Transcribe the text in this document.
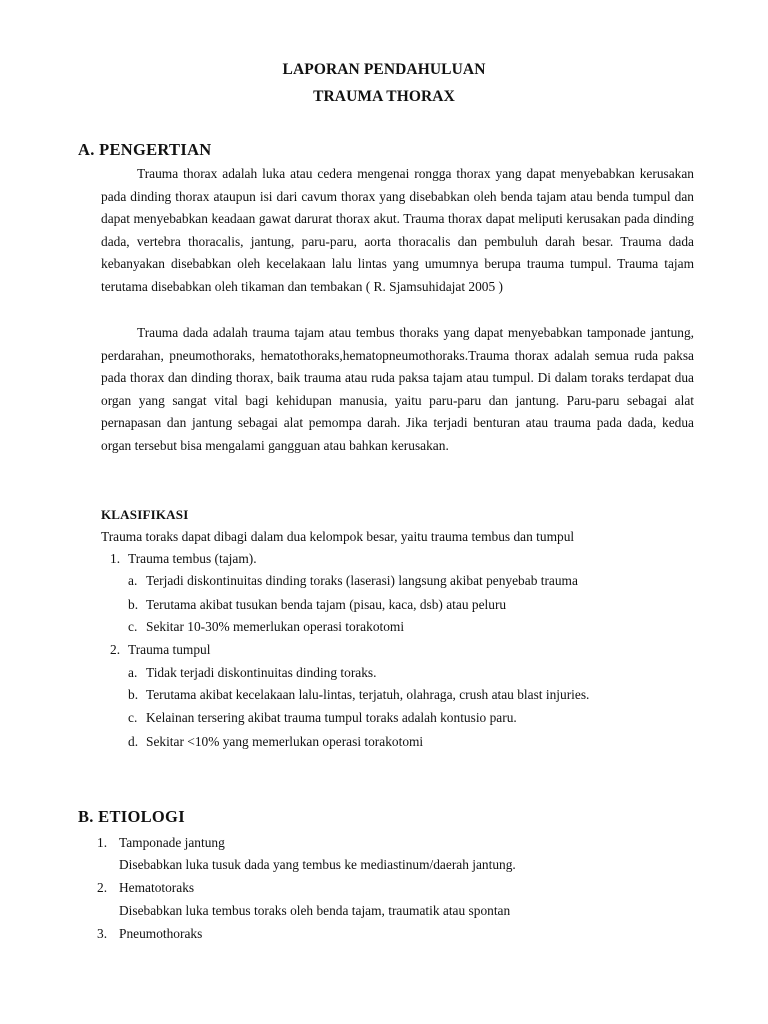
LAPORAN PENDAHULUAN
TRAUMA THORAX
A. PENGERTIAN

Trauma thorax adalah luka atau cedera mengenai rongga thorax yang dapat menyebabkan kerusakan pada dinding thorax ataupun isi dari cavum thorax yang disebabkan oleh benda tajam atau benda tumpul dan dapat menyebabkan keadaan gawat darurat thorax akut. Trauma thorax dapat meliputi kerusakan pada dinding dada, vertebra thoracalis, jantung, paru-paru, aorta thoracalis dan pembuluh darah besar. Trauma dada kebanyakan disebabkan oleh kecelakaan lalu lintas yang umumnya berupa trauma tumpul. Trauma tajam terutama disebabkan oleh tikaman dan tembakan ( R. Sjamsuhidajat 2005 )

Trauma dada adalah trauma tajam atau tembus thoraks yang dapat menyebabkan tamponade jantung, perdarahan, pneumothoraks, hematothoraks,hematopneumothoraks.Trauma thorax adalah semua ruda paksa pada thorax dan dinding thorax, baik trauma atau ruda paksa tajam atau tumpul. Di dalam toraks terdapat dua organ yang sangat vital bagi kehidupan manusia, yaitu paru-paru dan jantung. Paru-paru sebagai alat pernapasan dan jantung sebagai alat pemompa darah. Jika terjadi benturan atau trauma pada dada, kedua organ tersebut bisa mengalami gangguan atau bahkan kerusakan.

KLASIFIKASI
Trauma toraks dapat dibagi dalam dua kelompok besar, yaitu trauma tembus dan tumpul
1. Trauma tembus (tajam).
a. Terjadi diskontinuitas dinding toraks (laserasi) langsung akibat penyebab trauma
b. Terutama akibat tusukan benda tajam (pisau, kaca, dsb) atau peluru
c. Sekitar 10-30% memerlukan operasi torakotomi
2. Trauma tumpul
a. Tidak terjadi diskontinuitas dinding toraks.
b. Terutama akibat kecelakaan lalu-lintas, terjatuh, olahraga, crush atau blast injuries.
c. Kelainan tersering akibat trauma tumpul toraks adalah kontusio paru.
d. Sekitar <10% yang memerlukan operasi torakotomi
B. ETIOLOGI
1. Tamponade jantung
Disebabkan luka tusuk dada yang tembus ke mediastinum/daerah jantung.
2. Hematotoraks
Disebabkan luka tembus toraks oleh benda tajam, traumatik atau spontan
3. Pneumothoraks
